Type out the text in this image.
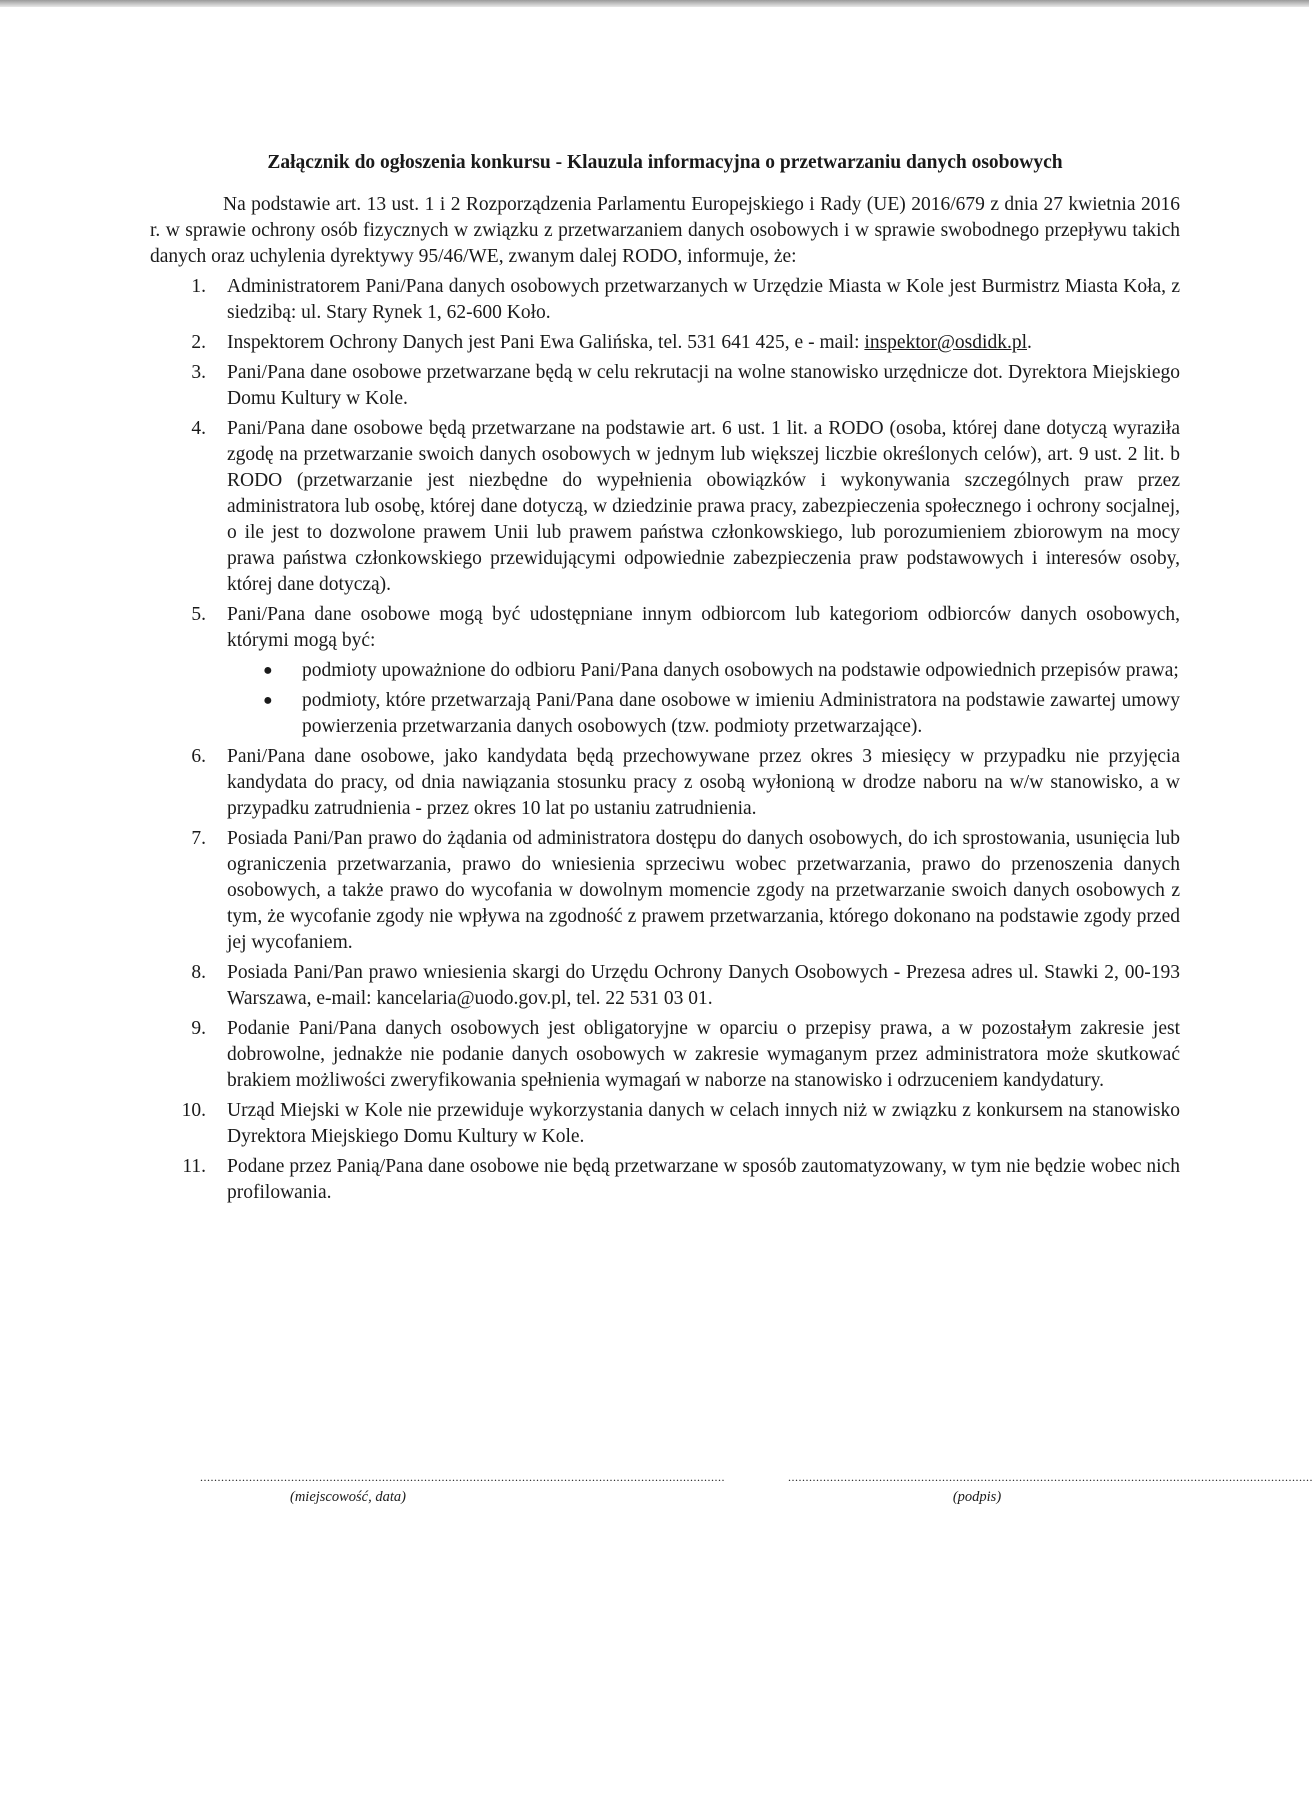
Załącznik do ogłoszenia konkursu - Klauzula informacyjna o przetwarzaniu danych osobowych

Na podstawie art. 13 ust. 1 i 2 Rozporządzenia Parlamentu Europejskiego i Rady (UE) 2016/679 z dnia 27 kwietnia 2016 r. w sprawie ochrony osób fizycznych w związku z przetwarzaniem danych osobowych i w sprawie swobodnego przepływu takich danych oraz uchylenia dyrektywy 95/46/WE, zwanym dalej RODO, informuje, że:

1. Administratorem Pani/Pana danych osobowych przetwarzanych w Urzędzie Miasta w Kole jest Burmistrz Miasta Koła, z siedzibą: ul. Stary Rynek 1, 62-600 Koło.
2. Inspektorem Ochrony Danych jest Pani Ewa Galińska, tel. 531 641 425, e - mail: inspektor@osdidk.pl.
3. Pani/Pana dane osobowe przetwarzane będą w celu rekrutacji na wolne stanowisko urzędnicze dot. Dyrektora Miejskiego Domu Kultury w Kole.
4. Pani/Pana dane osobowe będą przetwarzane na podstawie art. 6 ust. 1 lit. a RODO (osoba, której dane dotyczą wyraziła zgodę na przetwarzanie swoich danych osobowych w jednym lub większej liczbie określonych celów), art. 9 ust. 2 lit. b RODO (przetwarzanie jest niezbędne do wypełnienia obowiązków i wykonywania szczególnych praw przez administratora lub osobę, której dane dotyczą, w dziedzinie prawa pracy, zabezpieczenia społecznego i ochrony socjalnej, o ile jest to dozwolone prawem Unii lub prawem państwa członkowskiego, lub porozumieniem zbiorowym na mocy prawa państwa członkowskiego przewidującymi odpowiednie zabezpieczenia praw podstawowych i interesów osoby, której dane dotyczą).
5. Pani/Pana dane osobowe mogą być udostępniane innym odbiorcom lub kategoriom odbiorców danych osobowych, którymi mogą być:
● podmioty upoważnione do odbioru Pani/Pana danych osobowych na podstawie odpowiednich przepisów prawa;
● podmioty, które przetwarzają Pani/Pana dane osobowe w imieniu Administratora na podstawie zawartej umowy powierzenia przetwarzania danych osobowych (tzw. podmioty przetwarzające).
6. Pani/Pana dane osobowe, jako kandydata będą przechowywane przez okres 3 miesięcy w przypadku nie przyjęcia kandydata do pracy, od dnia nawiązania stosunku pracy z osobą wyłonioną w drodze naboru na w/w stanowisko, a w przypadku zatrudnienia - przez okres 10 lat po ustaniu zatrudnienia.
7. Posiada Pani/Pan prawo do żądania od administratora dostępu do danych osobowych, do ich sprostowania, usunięcia lub ograniczenia przetwarzania, prawo do wniesienia sprzeciwu wobec przetwarzania, prawo do przenoszenia danych osobowych, a także prawo do wycofania w dowolnym momencie zgody na przetwarzanie swoich danych osobowych z tym, że wycofanie zgody nie wpływa na zgodność z prawem przetwarzania, którego dokonano na podstawie zgody przed jej wycofaniem.
8. Posiada Pani/Pan prawo wniesienia skargi do Urzędu Ochrony Danych Osobowych - Prezesa adres ul. Stawki 2, 00-193 Warszawa, e-mail: kancelaria@uodo.gov.pl, tel. 22 531 03 01.
9. Podanie Pani/Pana danych osobowych jest obligatoryjne w oparciu o przepisy prawa, a w pozostałym zakresie jest dobrowolne, jednakże nie podanie danych osobowych w zakresie wymaganym przez administratora może skutkować brakiem możliwości zweryfikowania spełnienia wymagań w naborze na stanowisko i odrzuceniem kandydatury.
10. Urząd Miejski w Kole nie przewiduje wykorzystania danych w celach innych niż w związku z konkursem na stanowisko Dyrektora Miejskiego Domu Kultury w Kole.
11. Podane przez Panią/Pana dane osobowe nie będą przetwarzane w sposób zautomatyzowany, w tym nie będzie wobec nich profilowania.
......................................................................................................................................................
(miejscowość, data)
......................................................................................................................................................
(podpis)
